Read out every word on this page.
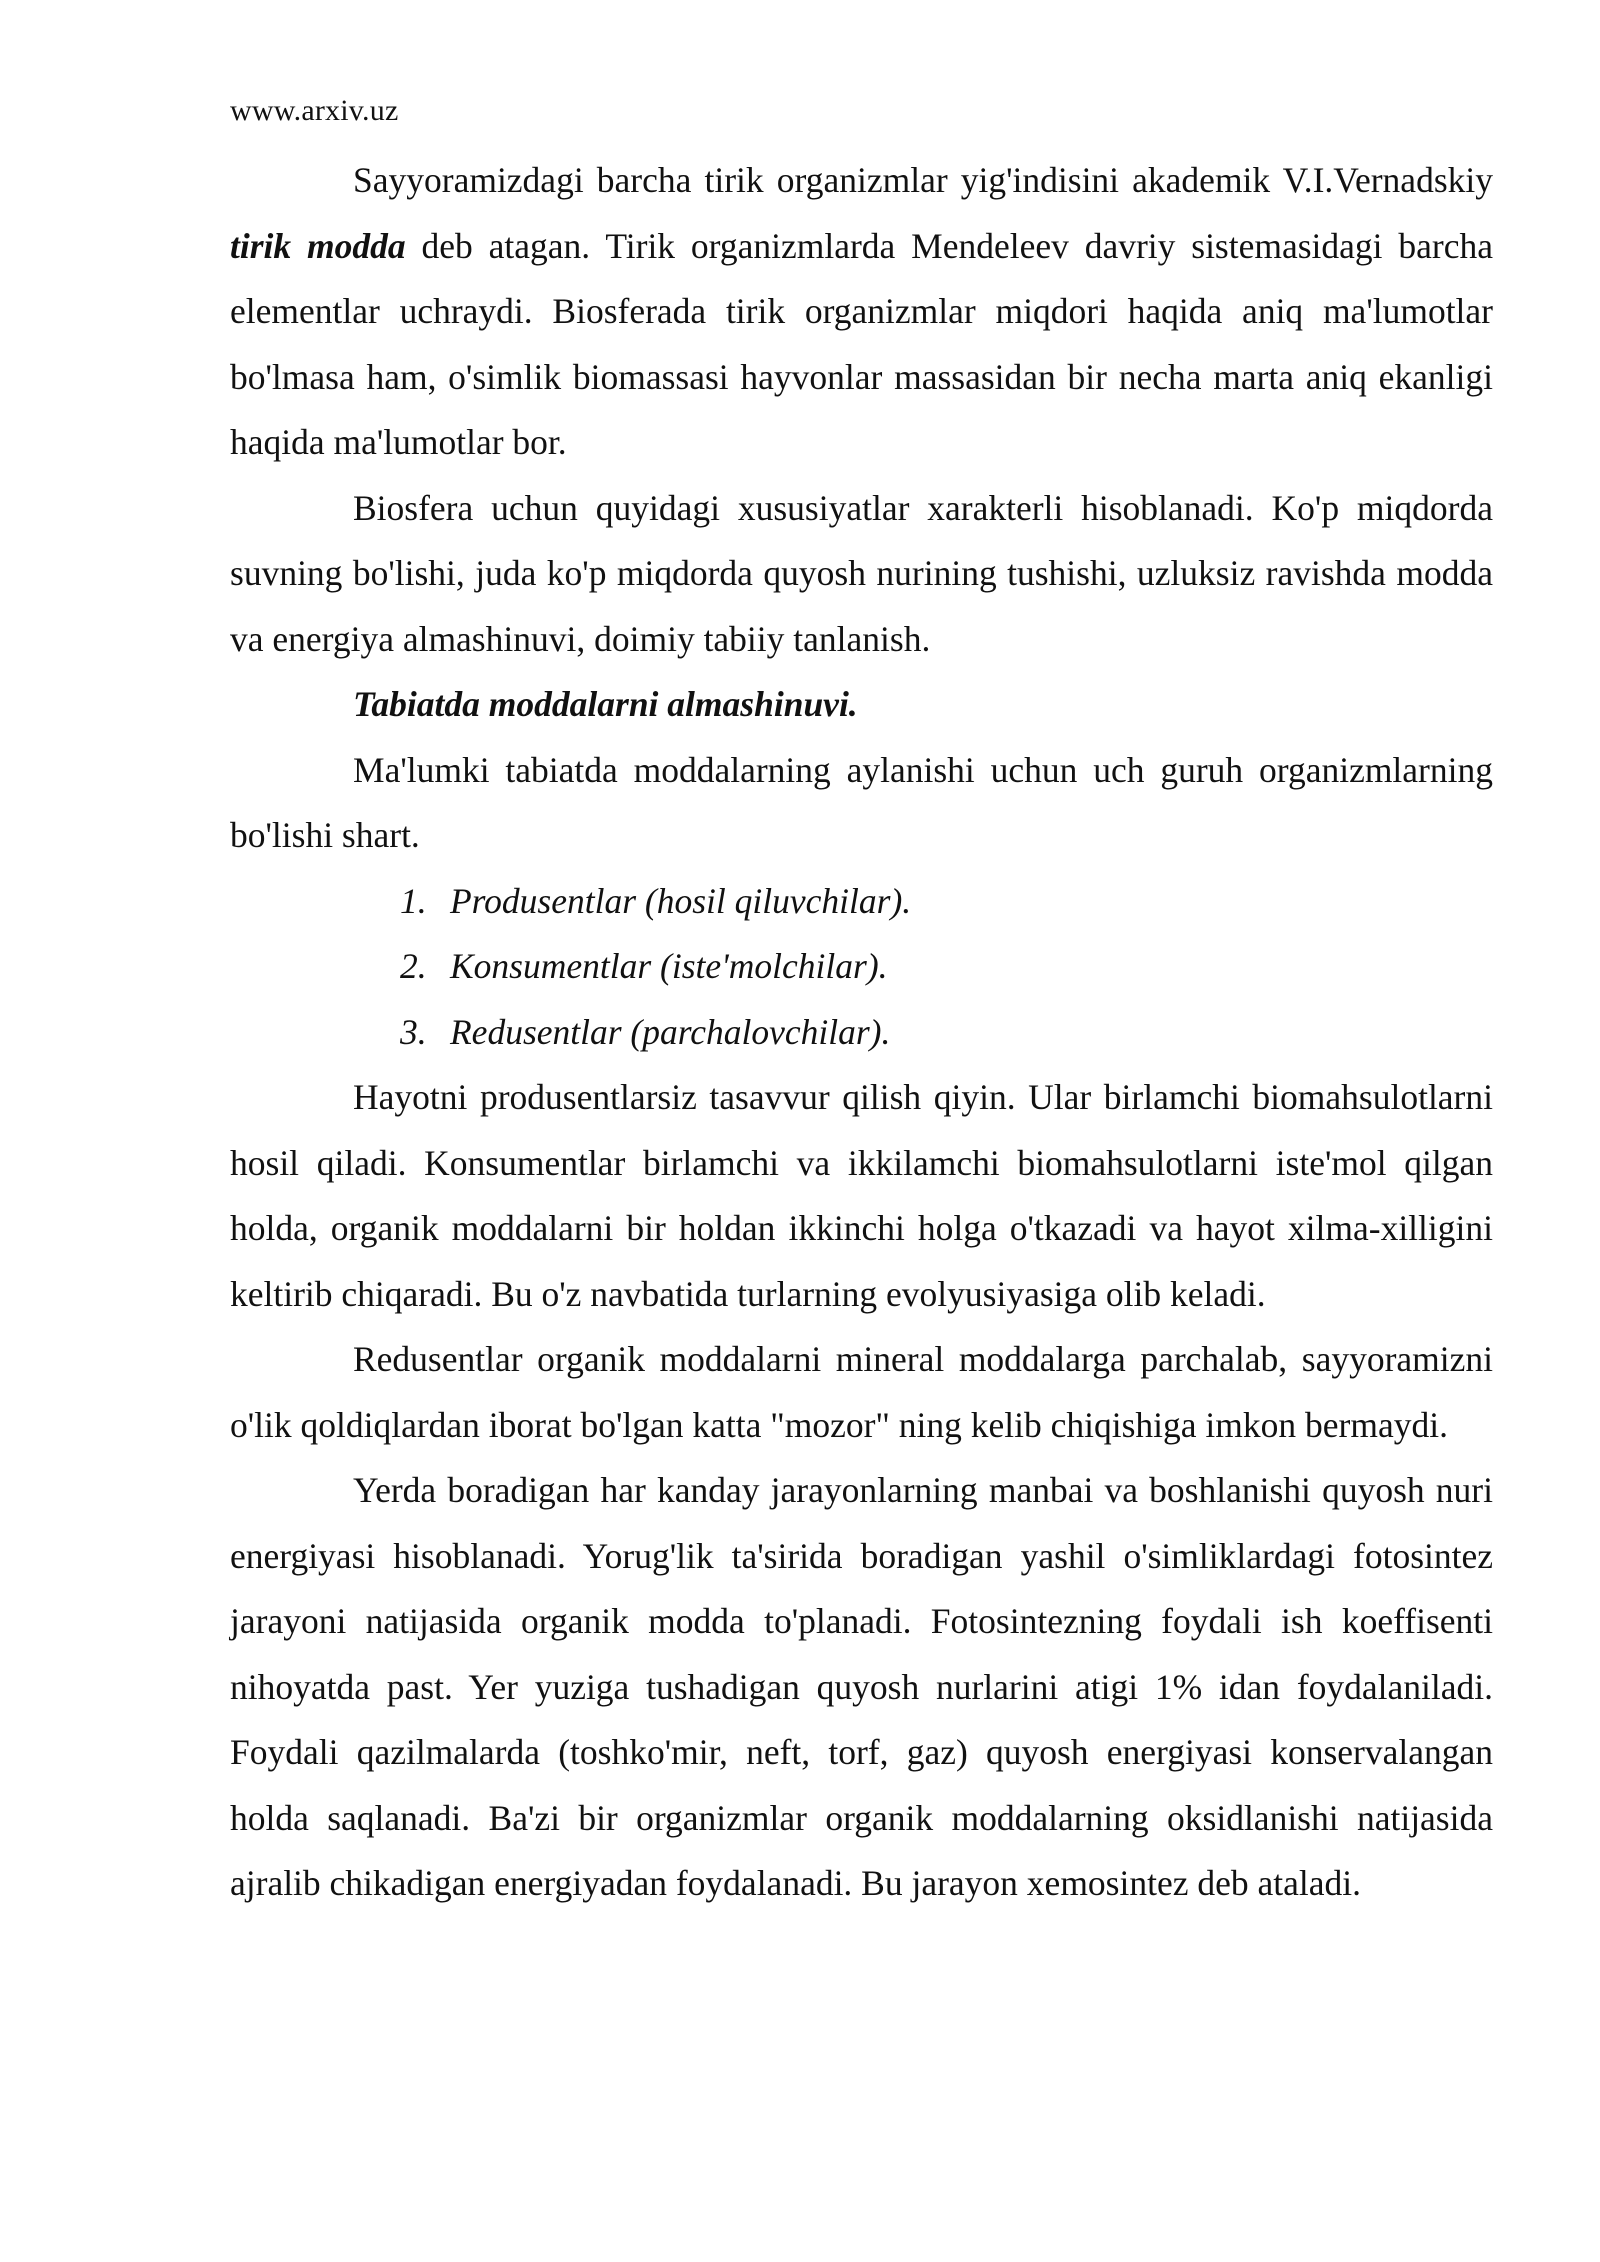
www.arxiv.uz

Sayyoramizdagi barcha tirik organizmlar yig'indisini akademik V.I.Vernadskiy tirik modda deb atagan. Tirik organizmlarda Mendeleev davriy sistemasidagi barcha elementlar uchraydi. Biosferada tirik organizmlar miqdori haqida aniq ma'lumotlar bo'lmasa ham, o'simlik biomassasi hayvonlar massasidan bir necha marta aniq ekanligi haqida ma'lumotlar bor.

Biosfera uchun quyidagi xususiyatlar xarakterli hisoblanadi. Ko'p miqdorda suvning bo'lishi, juda ko'p miqdorda quyosh nurining tushishi, uzluksiz ravishda modda va energiya almashinuvi, doimiy tabiiy tanlanish.

Tabiatda moddalarni almashinuvi.

Ma'lumki tabiatda moddalarning aylanishi uchun uch guruh organizmlarning bo'lishi shart.

1. Produsentlar (hosil qiluvchilar).
2. Konsumentlar (iste'molchilar).
3. Redusentlar (parchalovchilar).

Hayotni produsentlarsiz tasavvur qilish qiyin. Ular birlamchi biomahsulotlarni hosil qiladi. Konsumentlar birlamchi va ikkilamchi biomahsulotlarni iste'mol qilgan holda, organik moddalarni bir holdan ikkinchi holga o'tkazadi va hayot xilma-xilligini keltirib chiqaradi. Bu o'z navbatida turlarning evolyusiyasiga olib keladi.

Redusentlar organik moddalarni mineral moddalarga parchalab, sayyoramizni o'lik qoldiqlardan iborat bo'lgan katta "mozor" ning kelib chiqishiga imkon bermaydi.

Yerda boradigan har kanday jarayonlarning manbai va boshlanishi quyosh nuri energiyasi hisoblanadi. Yorug'lik ta'sirida boradigan yashil o'simliklardagi fotosintez jarayoni natijasida organik modda to'planadi. Fotosintezning foydali ish koeffisenti nihoyatda past. Yer yuziga tushadigan quyosh nurlarini atigi 1% idan foydalaniladi. Foydali qazilmalarda (toshko'mir, neft, torf, gaz) quyosh energiyasi konservalangan holda saqlanadi. Ba'zi bir organizmlar organik moddalarning oksidlanishi natijasida ajralib chikadigan energiyadan foydalanadi. Bu jarayon xemosintez deb ataladi.
